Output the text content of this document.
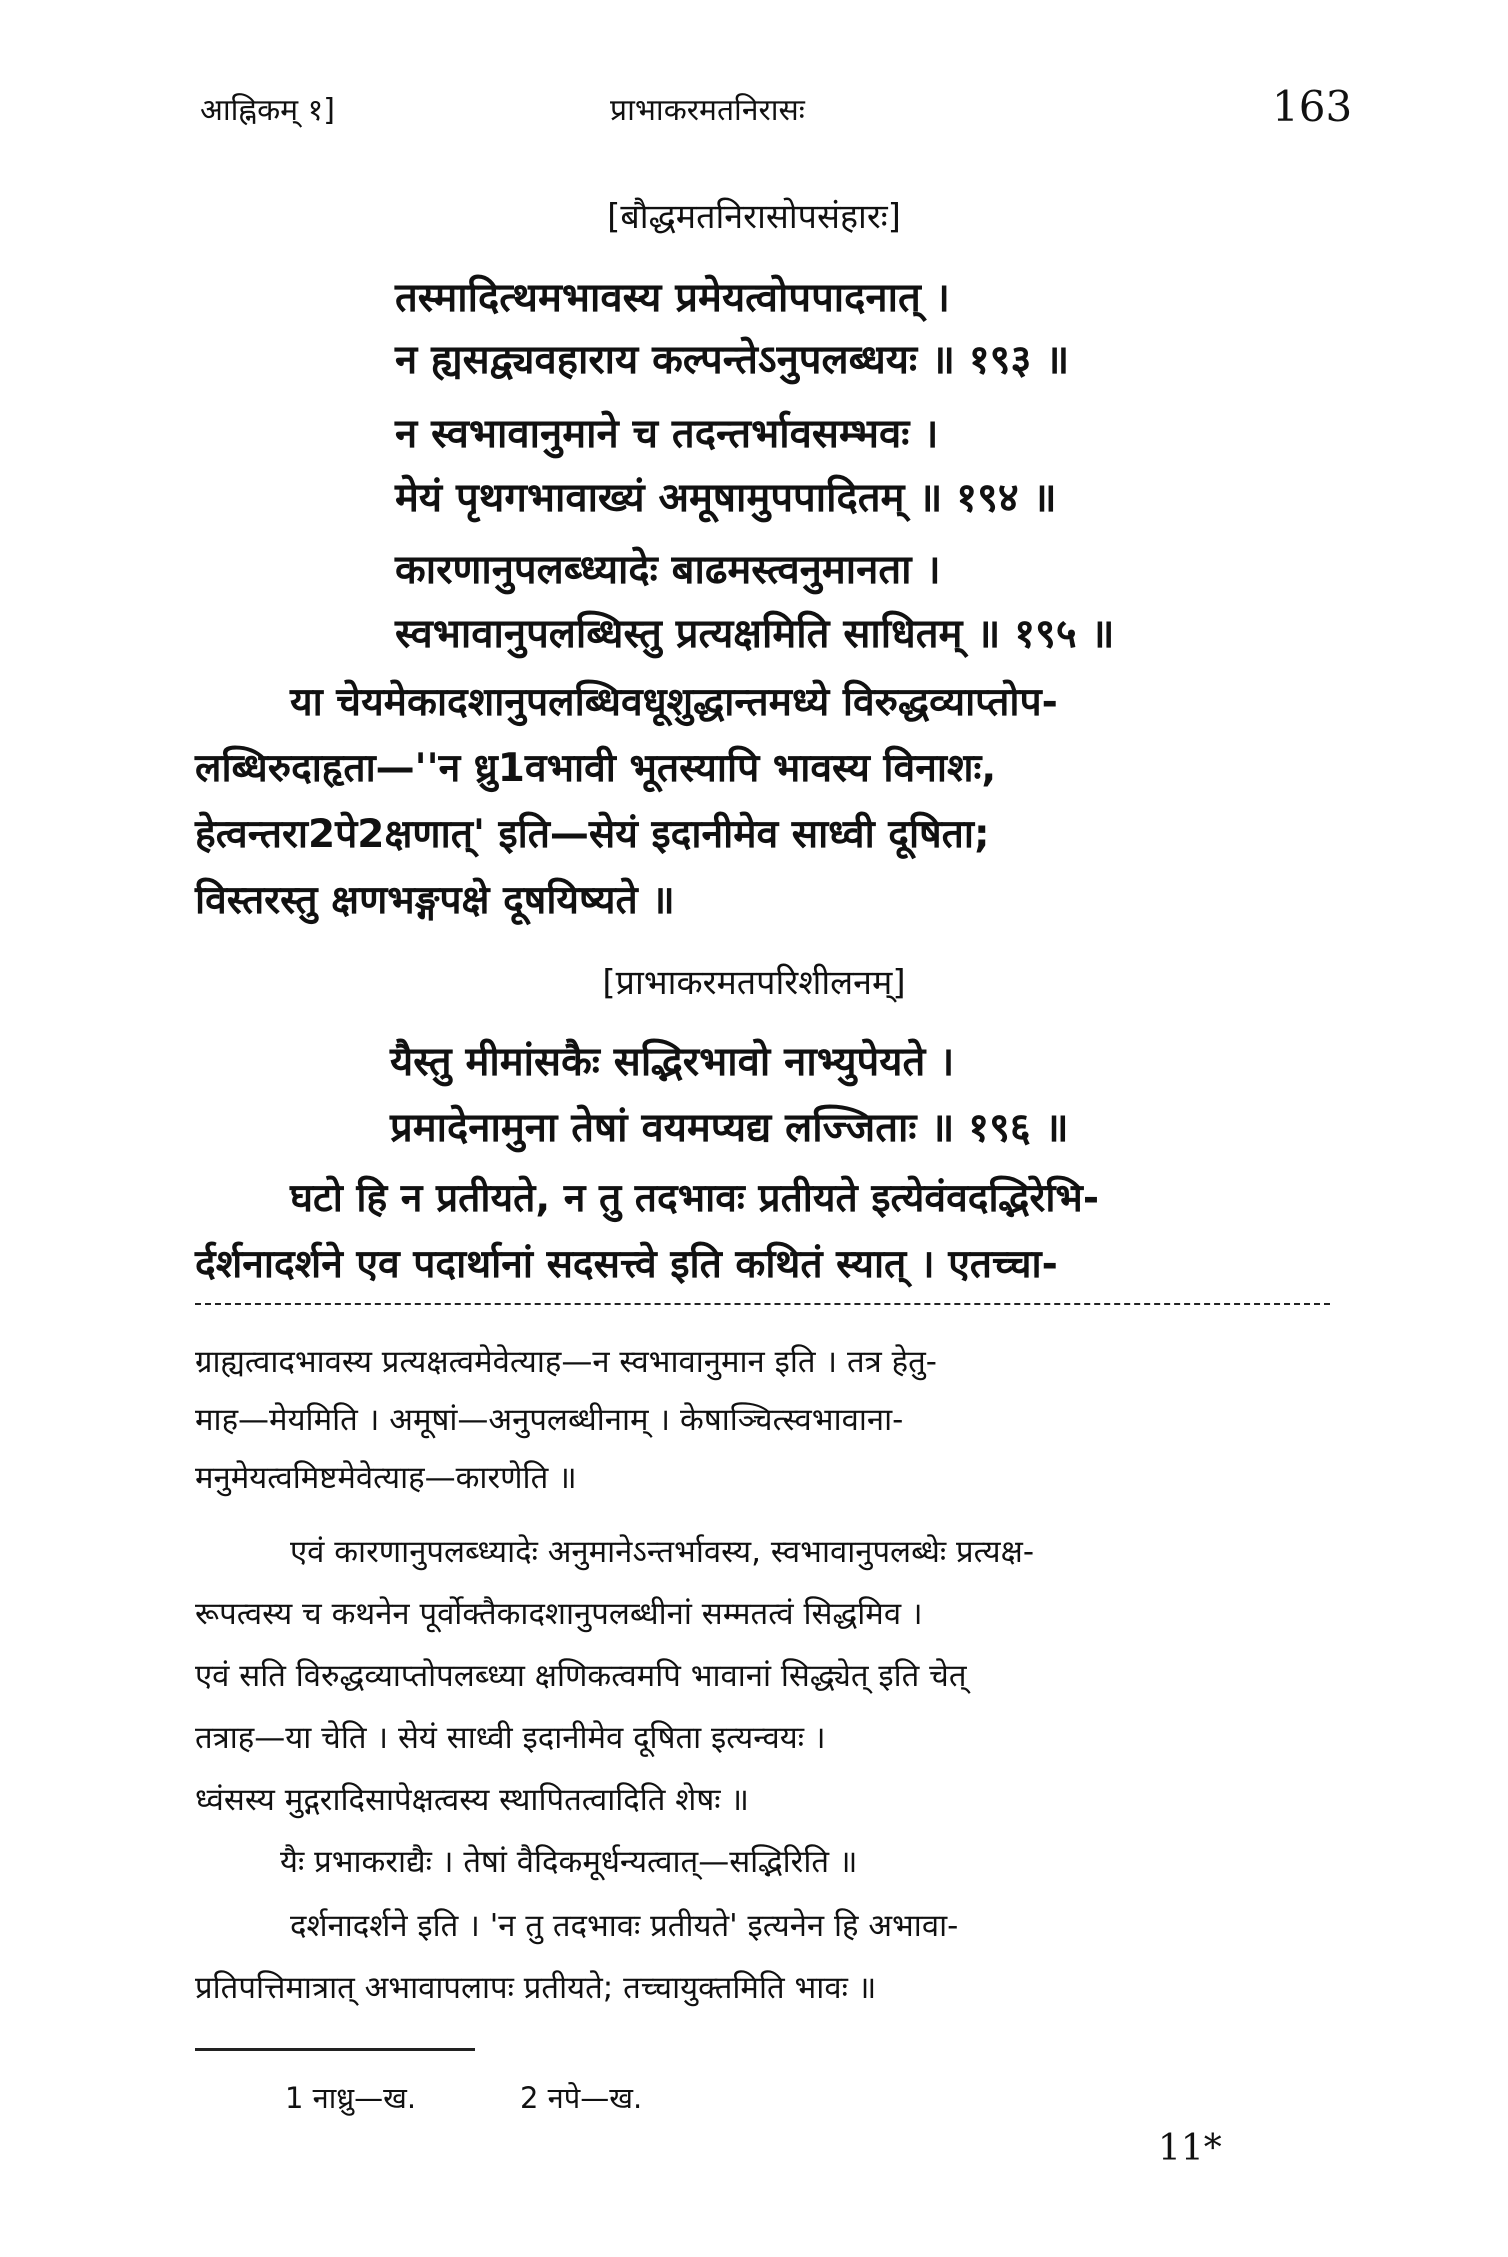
आह्निकम् १]	प्राभाकरमतनिरासः	163
[बौद्धमतनिरासोपसंहारः]
तस्मादित्थमभावस्य प्रमेयत्वोपपादनात् ।
न ह्यसद्व्यवहाराय कल्पन्तेऽनुपलब्धयः ॥ १९३ ॥
न स्वभावानुमाने च तदन्तर्भावसम्भवः ।
मेयं पृथगभावाख्यं अमूषामुपपादितम् ॥ १९४ ॥
कारणानुपलब्ध्यादेः बाढमस्त्वनुमानता ।
स्वभावानुपलब्धिस्तु प्रत्यक्षमिति साधितम् ॥ १९५ ॥
या चेयमेकादशानुपलब्धिवधूशुद्धान्तमध्ये विरुद्धव्याप्तोप-
लब्धिरुदाहृता—''न ध्रु1वभावी भूतस्यापि भावस्य विनाशः,
हेत्वन्तरा2पे2क्षणात्' इति—सेयं इदानीमेव साध्वी दूषिता;
विस्तरस्तु क्षणभङ्गपक्षे दूषयिष्यते ॥
[प्राभाकरमतपरिशीलनम्]
यैस्तु मीमांसकैः सद्भिरभावो नाभ्युपेयते ।
प्रमादेनामुना तेषां वयमप्यद्य लज्जिताः ॥ १९६ ॥
घटो हि न प्रतीयते, न तु तदभावः प्रतीयते इत्येवंवदद्भिरेभि-
र्दर्शनादर्शने एव पदार्थानां सदसत्त्वे इति कथितं स्यात् । एतच्चा-
ग्राह्यत्वादभावस्य प्रत्यक्षत्वमेवेत्याह—न स्वभावानुमान इति । तत्र हेतु-
माह—मेयमिति । अमूषां—अनुपलब्धीनाम् । केषाञ्चित्स्वभावाना-
मनुमेयत्वमिष्टमेवेत्याह—कारणेति ॥
एवं कारणानुपलब्ध्यादेः अनुमानेऽन्तर्भावस्य, स्वभावानुपलब्धेः प्रत्यक्ष-
रूपत्वस्य च कथनेन पूर्वोक्तैकादशानुपलब्धीनां सम्मतत्वं सिद्धमिव ।
एवं सति विरुद्धव्याप्तोपलब्ध्या क्षणिकत्वमपि भावानां सिद्ध्येत् इति चेत्
तत्राह—या चेति । सेयं साध्वी इदानीमेव दूषिता इत्यन्वयः ।
ध्वंसस्य मुद्गरादिसापेक्षत्वस्य स्थापितत्वादिति शेषः ॥
यैः प्रभाकराद्यैः । तेषां वैदिकमूर्धन्यत्वात्—सद्भिरिति ॥
दर्शनादर्शने इति । 'न तु तदभावः प्रतीयते' इत्यनेन हि अभावा-
प्रतिपत्तिमात्रात् अभावापलापः प्रतीयते; तच्चायुक्तमिति भावः ॥
1 नाध्रु—ख.	2 नपे—ख.
11*
